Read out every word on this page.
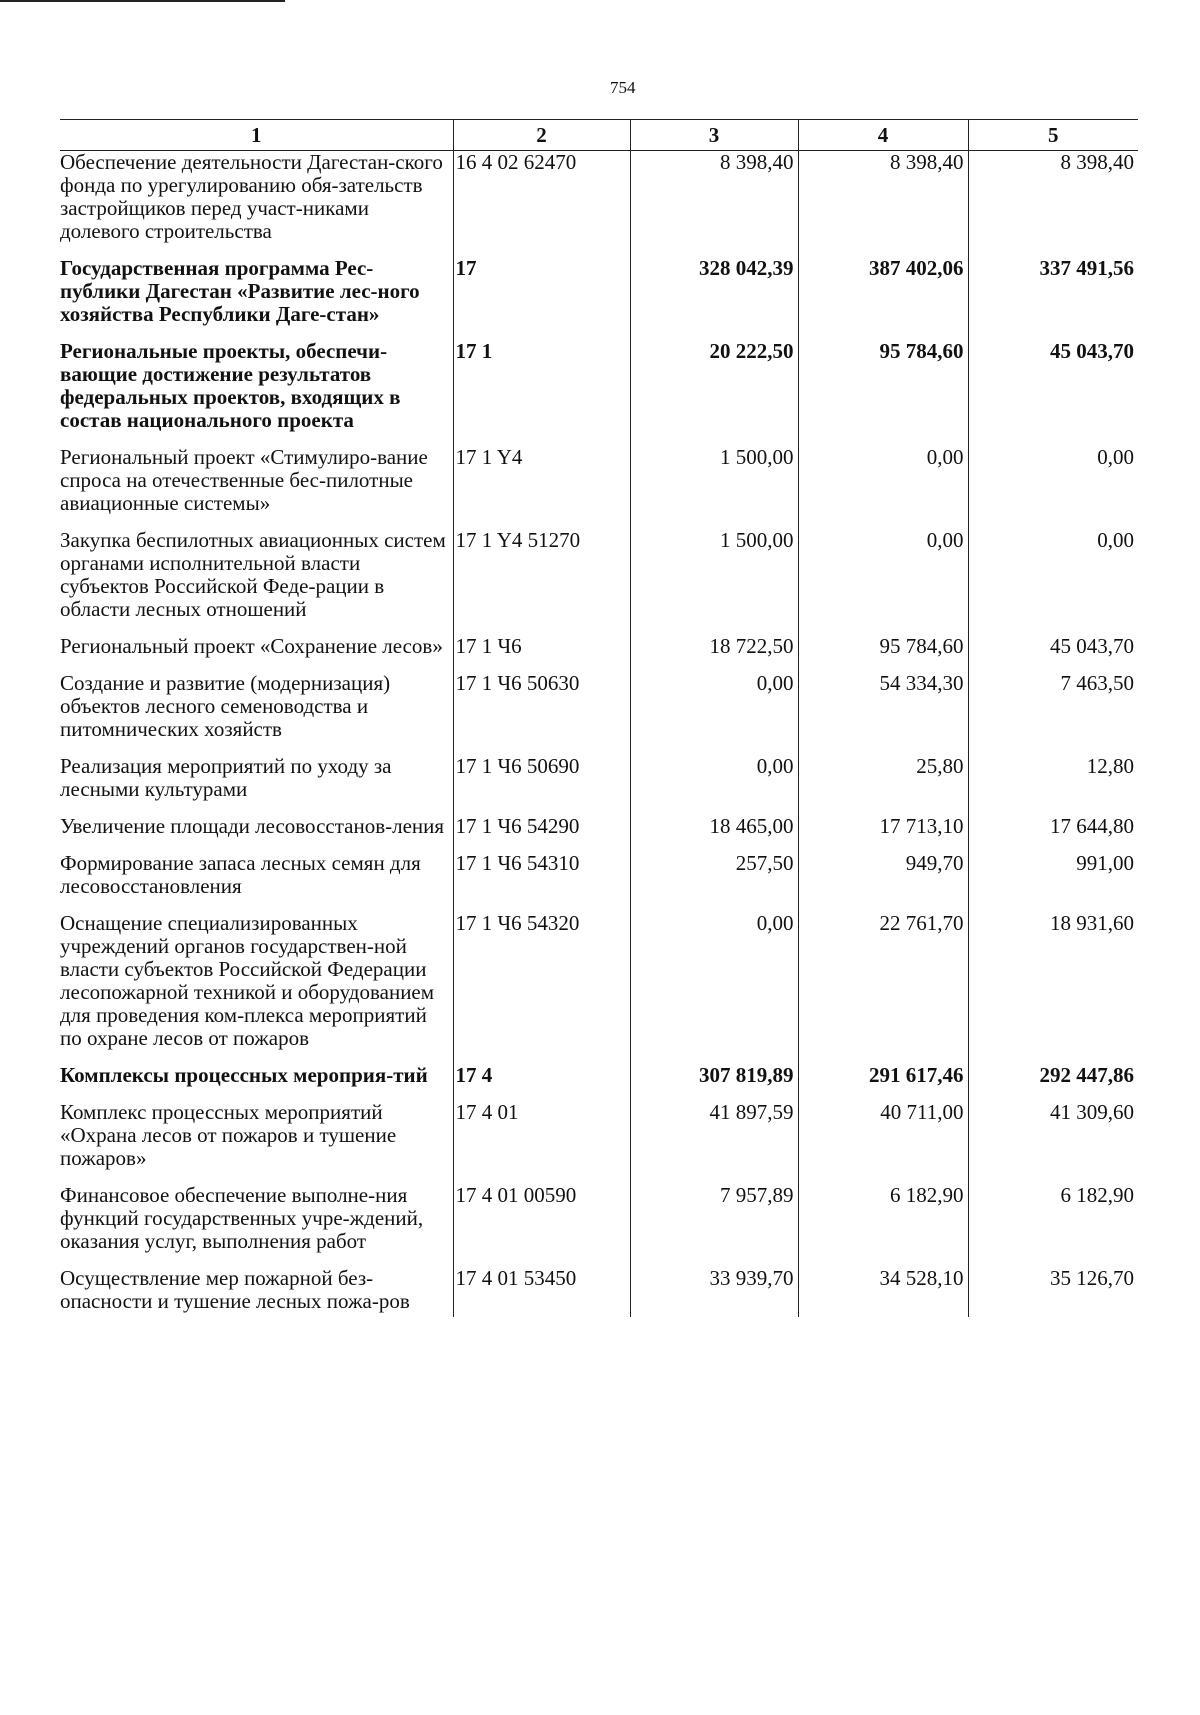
754
1	2	3	4	5
Обеспечение деятельности Дагестан-ского фонда по урегулированию обя-зательств застройщиков перед участ-никами долевого строительства	16 4 02 62470	8 398,40	8 398,40	8 398,40
Государственная программа Рес-публики Дагестан «Развитие лес-ного хозяйства Республики Даге-стан»	17	328 042,39	387 402,06	337 491,56
Региональные проекты, обеспечи-вающие достижение результатов федеральных проектов, входящих в состав национального проекта	17 1	20 222,50	95 784,60	45 043,70
Региональный проект «Стимулиро-вание спроса на отечественные бес-пилотные авиационные системы»	17 1 Y4	1 500,00	0,00	0,00
Закупка беспилотных авиационных систем органами исполнительной власти субъектов Российской Феде-рации в области лесных отношений	17 1 Y4 51270	1 500,00	0,00	0,00
Региональный проект «Сохранение лесов»	17 1 Ч6	18 722,50	95 784,60	45 043,70
Создание и развитие (модернизация) объектов лесного семеноводства и питомнических хозяйств	17 1 Ч6 50630	0,00	54 334,30	7 463,50
Реализация мероприятий по уходу за лесными культурами	17 1 Ч6 50690	0,00	25,80	12,80
Увеличение площади лесовосстанов-ления	17 1 Ч6 54290	18 465,00	17 713,10	17 644,80
Формирование запаса лесных семян для лесовосстановления	17 1 Ч6 54310	257,50	949,70	991,00
Оснащение специализированных учреждений органов государствен-ной власти субъектов Российской Федерации лесопожарной техникой и оборудованием для проведения ком-плекса мероприятий по охране лесов от пожаров	17 1 Ч6 54320	0,00	22 761,70	18 931,60
Комплексы процессных мероприя-тий	17 4	307 819,89	291 617,46	292 447,86
Комплекс процессных мероприятий «Охрана лесов от пожаров и тушение пожаров»	17 4 01	41 897,59	40 711,00	41 309,60
Финансовое обеспечение выполне-ния функций государственных учре-ждений, оказания услуг, выполнения работ	17 4 01 00590	7 957,89	6 182,90	6 182,90
Осуществление мер пожарной без-опасности и тушение лесных пожа-ров	17 4 01 53450	33 939,70	34 528,10	35 126,70
